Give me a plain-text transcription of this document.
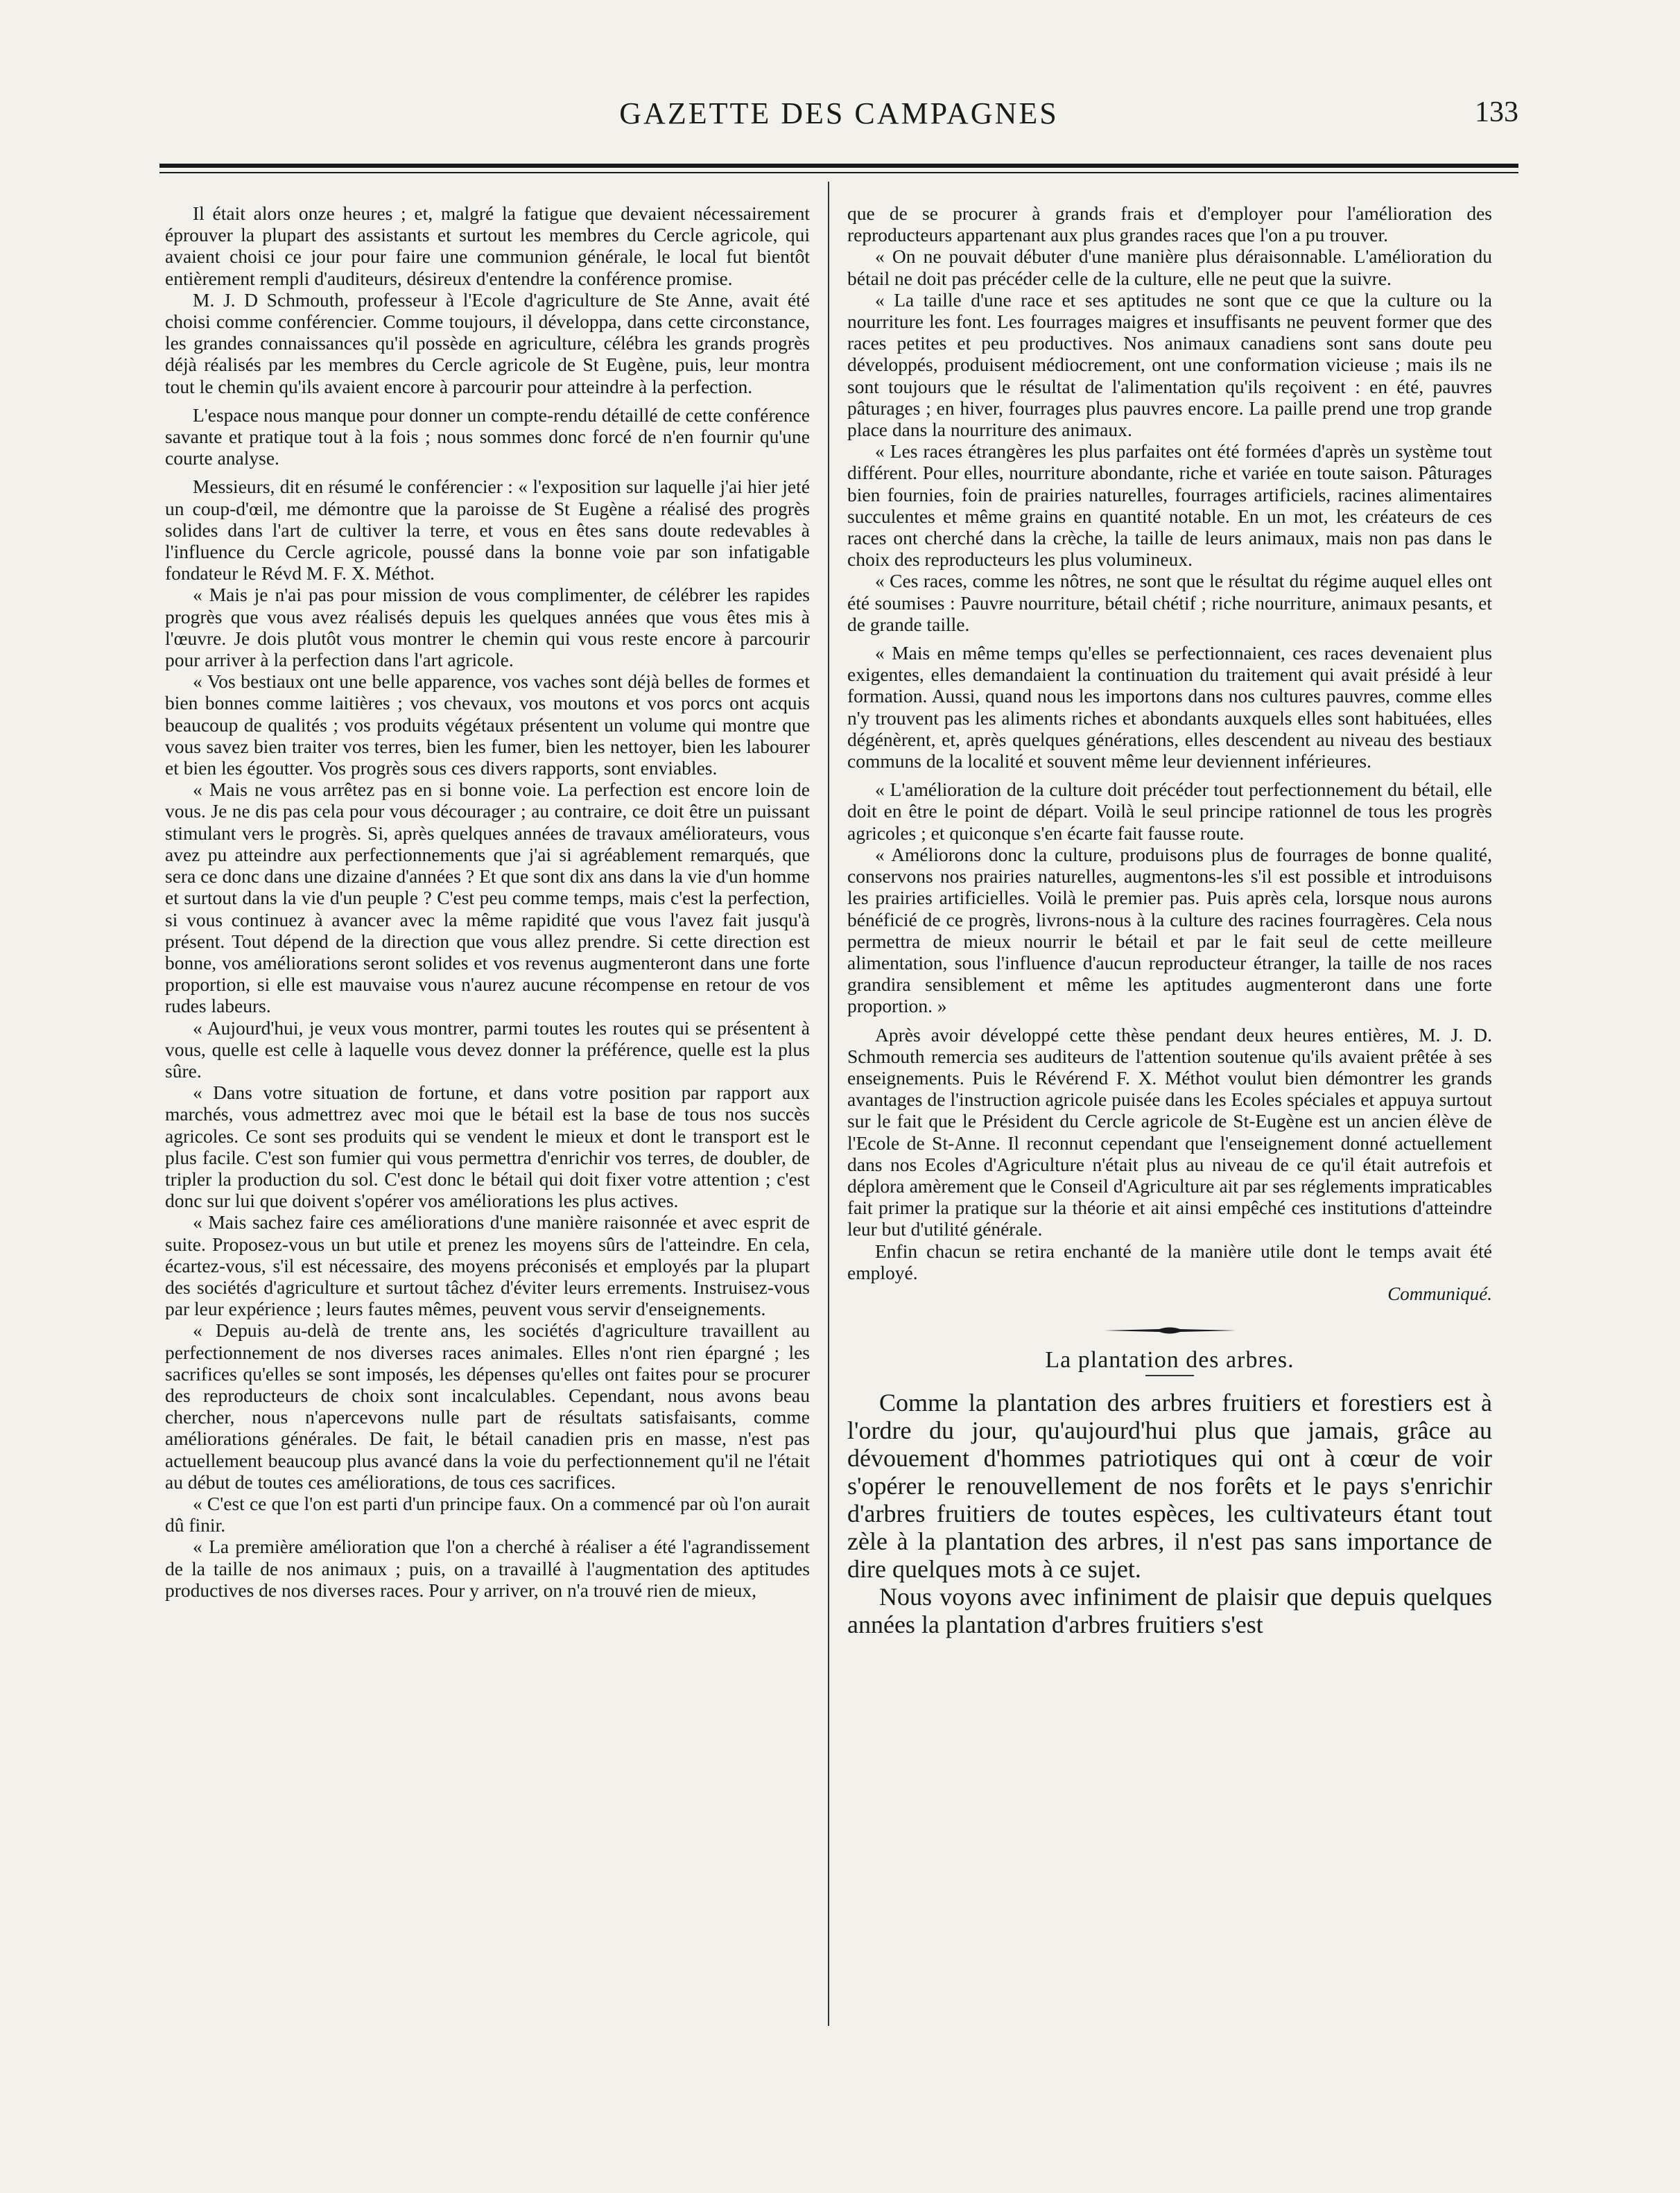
GAZETTE DES CAMPAGNES	133

Il était alors onze heures ; et, malgré la fatigue que devaient nécessairement éprouver la plupart des assistants et surtout les membres du Cercle agricole, qui avaient choisi ce jour pour faire une communion générale, le local fut bientôt entièrement rempli d'auditeurs, désireux d'entendre la conférence promise.

M. J. D Schmouth, professeur à l'Ecole d'agriculture de Ste Anne, avait été choisi comme conférencier. Comme toujours, il développa, dans cette circonstance, les grandes connaissances qu'il possède en agriculture, célébra les grands progrès déjà réalisés par les membres du Cercle agricole de St Eugène, puis, leur montra tout le chemin qu'ils avaient encore à parcourir pour atteindre à la perfection.

L'espace nous manque pour donner un compte-rendu détaillé de cette conférence savante et pratique tout à la fois ; nous sommes donc forcé de n'en fournir qu'une courte analyse.

Messieurs, dit en résumé le conférencier : « l'exposition sur laquelle j'ai hier jeté un coup-d'œil, me démontre que la paroisse de St Eugène a réalisé des progrès solides dans l'art de cultiver la terre, et vous en êtes sans doute redevables à l'influence du Cercle agricole, poussé dans la bonne voie par son infatigable fondateur le Révd M. F. X. Méthot.

« Mais je n'ai pas pour mission de vous complimenter, de célébrer les rapides progrès que vous avez réalisés depuis les quelques années que vous êtes mis à l'œuvre. Je dois plutôt vous montrer le chemin qui vous reste encore à parcourir pour arriver à la perfection dans l'art agricole.

« Vos bestiaux ont une belle apparence, vos vaches sont déjà belles de formes et bien bonnes comme laitières ; vos chevaux, vos moutons et vos porcs ont acquis beaucoup de qualités ; vos produits végétaux présentent un volume qui montre que vous savez bien traiter vos terres, bien les fumer, bien les nettoyer, bien les labourer et bien les égoutter. Vos progrès sous ces divers rapports, sont enviables.

« Mais ne vous arrêtez pas en si bonne voie. La perfection est encore loin de vous. Je ne dis pas cela pour vous décourager ; au contraire, ce doit être un puissant stimulant vers le progrès. Si, après quelques années de travaux améliorateurs, vous avez pu atteindre aux perfectionnements que j'ai si agréablement remarqués, que sera ce donc dans une dizaine d'années ? Et que sont dix ans dans la vie d'un homme et surtout dans la vie d'un peuple ? C'est peu comme temps, mais c'est la perfection, si vous continuez à avancer avec la même rapidité que vous l'avez fait jusqu'à présent. Tout dépend de la direction que vous allez prendre. Si cette direction est bonne, vos améliorations seront solides et vos revenus augmenteront dans une forte proportion, si elle est mauvaise vous n'aurez aucune récompense en retour de vos rudes labeurs.

« Aujourd'hui, je veux vous montrer, parmi toutes les routes qui se présentent à vous, quelle est celle à laquelle vous devez donner la préférence, quelle est la plus sûre.

« Dans votre situation de fortune, et dans votre position par rapport aux marchés, vous admettrez avec moi que le bétail est la base de tous nos succès agricoles. Ce sont ses produits qui se vendent le mieux et dont le transport est le plus facile. C'est son fumier qui vous permettra d'enrichir vos terres, de doubler, de tripler la production du sol. C'est donc le bétail qui doit fixer votre attention ; c'est donc sur lui que doivent s'opérer vos améliorations les plus actives.

« Mais sachez faire ces améliorations d'une manière raisonnée et avec esprit de suite. Proposez-vous un but utile et prenez les moyens sûrs de l'atteindre. En cela, écartez-vous, s'il est nécessaire, des moyens préconisés et employés par la plupart des sociétés d'agriculture et surtout tâchez d'éviter leurs errements. Instruisez-vous par leur expérience ; leurs fautes mêmes, peuvent vous servir d'enseignements.

« Depuis au-delà de trente ans, les sociétés d'agriculture travaillent au perfectionnement de nos diverses races animales. Elles n'ont rien épargné ; les sacrifices qu'elles se sont imposés, les dépenses qu'elles ont faites pour se procurer des reproducteurs de choix sont incalculables. Cependant, nous avons beau chercher, nous n'apercevons nulle part de résultats satisfaisants, comme améliorations générales. De fait, le bétail canadien pris en masse, n'est pas actuellement beaucoup plus avancé dans la voie du perfectionnement qu'il ne l'était au début de toutes ces améliorations, de tous ces sacrifices.

« C'est ce que l'on est parti d'un principe faux. On a commencé par où l'on aurait dû finir.

« La première amélioration que l'on a cherché à réaliser a été l'agrandissement de la taille de nos animaux ; puis, on a travaillé à l'augmentation des aptitudes productives de nos diverses races. Pour y arriver, on n'a trouvé rien de mieux,

que de se procurer à grands frais et d'employer pour l'amélioration des reproducteurs appartenant aux plus grandes races que l'on a pu trouver.

« On ne pouvait débuter d'une manière plus déraisonnable. L'amélioration du bétail ne doit pas précéder celle de la culture, elle ne peut que la suivre.

« La taille d'une race et ses aptitudes ne sont que ce que la culture ou la nourriture les font. Les fourrages maigres et insuffisants ne peuvent former que des races petites et peu productives. Nos animaux canadiens sont sans doute peu développés, produisent médiocrement, ont une conformation vicieuse ; mais ils ne sont toujours que le résultat de l'alimentation qu'ils reçoivent : en été, pauvres pâturages ; en hiver, fourrages plus pauvres encore. La paille prend une trop grande place dans la nourriture des animaux.

« Les races étrangères les plus parfaites ont été formées d'après un système tout différent. Pour elles, nourriture abondante, riche et variée en toute saison. Pâturages bien fournies, foin de prairies naturelles, fourrages artificiels, racines alimentaires succulentes et même grains en quantité notable. En un mot, les créateurs de ces races ont cherché dans la crèche, la taille de leurs animaux, mais non pas dans le choix des reproducteurs les plus volumineux.

« Ces races, comme les nôtres, ne sont que le résultat du régime auquel elles ont été soumises : Pauvre nourriture, bétail chétif ; riche nourriture, animaux pesants, et de grande taille.

« Mais en même temps qu'elles se perfectionnaient, ces races devenaient plus exigentes, elles demandaient la continuation du traitement qui avait présidé à leur formation. Aussi, quand nous les importons dans nos cultures pauvres, comme elles n'y trouvent pas les aliments riches et abondants auxquels elles sont habituées, elles dégénèrent, et, après quelques générations, elles descendent au niveau des bestiaux communs de la localité et souvent même leur deviennent inférieures.

« L'amélioration de la culture doit précéder tout perfectionnement du bétail, elle doit en être le point de départ. Voilà le seul principe rationnel de tous les progrès agricoles ; et quiconque s'en écarte fait fausse route.

« Améliorons donc la culture, produisons plus de fourrages de bonne qualité, conservons nos prairies naturelles, augmentons-les s'il est possible et introduisons les prairies artificielles. Voilà le premier pas. Puis après cela, lorsque nous aurons bénéficié de ce progrès, livrons-nous à la culture des racines fourragères. Cela nous permettra de mieux nourrir le bétail et par le fait seul de cette meilleure alimentation, sous l'influence d'aucun reproducteur étranger, la taille de nos races grandira sensiblement et même les aptitudes augmenteront dans une forte proportion. »

Après avoir développé cette thèse pendant deux heures entières, M. J. D. Schmouth remercia ses auditeurs de l'attention soutenue qu'ils avaient prêtée à ses enseignements. Puis le Révérend F. X. Méthot voulut bien démontrer les grands avantages de l'instruction agricole puisée dans les Ecoles spéciales et appuya surtout sur le fait que le Président du Cercle agricole de St-Eugène est un ancien élève de l'Ecole de St-Anne. Il reconnut cependant que l'enseignement donné actuellement dans nos Ecoles d'Agriculture n'était plus au niveau de ce qu'il était autrefois et déplora amèrement que le Conseil d'Agriculture ait par ses réglements impraticables fait primer la pratique sur la théorie et ait ainsi empêché ces institutions d'atteindre leur but d'utilité générale.

Enfin chacun se retira enchanté de la manière utile dont le temps avait été employé.

Communiqué.

La plantation des arbres.

Comme la plantation des arbres fruitiers et forestiers est à l'ordre du jour, qu'aujourd'hui plus que jamais, grâce au dévouement d'hommes patriotiques qui ont à cœur de voir s'opérer le renouvellement de nos forêts et le pays s'enrichir d'arbres fruitiers de toutes espèces, les cultivateurs étant tout zèle à la plantation des arbres, il n'est pas sans importance de dire quelques mots à ce sujet.

Nous voyons avec infiniment de plaisir que depuis quelques années la plantation d'arbres fruitiers s'est
